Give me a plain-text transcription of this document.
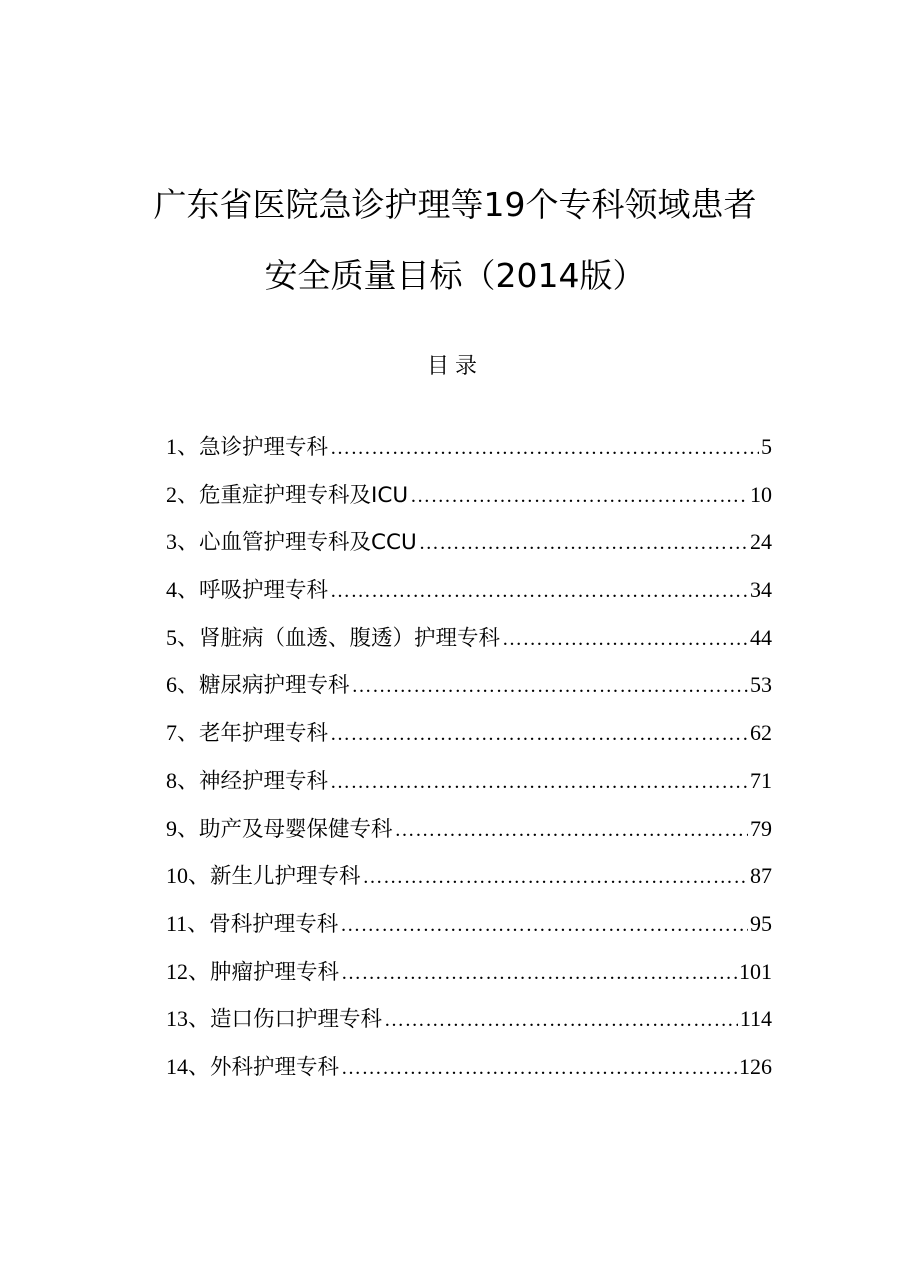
广东省医院急诊护理等19个专科领域患者
安全质量目标（2014版）
目录
1、 急诊护理专科 …………………………………………………………………………………………………………	5
2、 危重症护理专科及ICU …………………………………………………………………………………………………………	10
3、 心血管护理专科及CCU …………………………………………………………………………………………………………	24
4、 呼吸护理专科 …………………………………………………………………………………………………………	34
5、 肾脏病（血透、腹透）护理专科 …………………………………………………………………………………………………………	44
6、 糖尿病护理专科 …………………………………………………………………………………………………………	53
7、 老年护理专科 …………………………………………………………………………………………………………	62
8、 神经护理专科 …………………………………………………………………………………………………………	71
9、 助产及母婴保健专科 …………………………………………………………………………………………………………	79
10、 新生儿护理专科 …………………………………………………………………………………………………………	87
11、 骨科护理专科 …………………………………………………………………………………………………………	95
12、 肿瘤护理专科 …………………………………………………………………………………………………………	101
13、 造口伤口护理专科 …………………………………………………………………………………………………………	114
14、 外科护理专科 …………………………………………………………………………………………………………	126
